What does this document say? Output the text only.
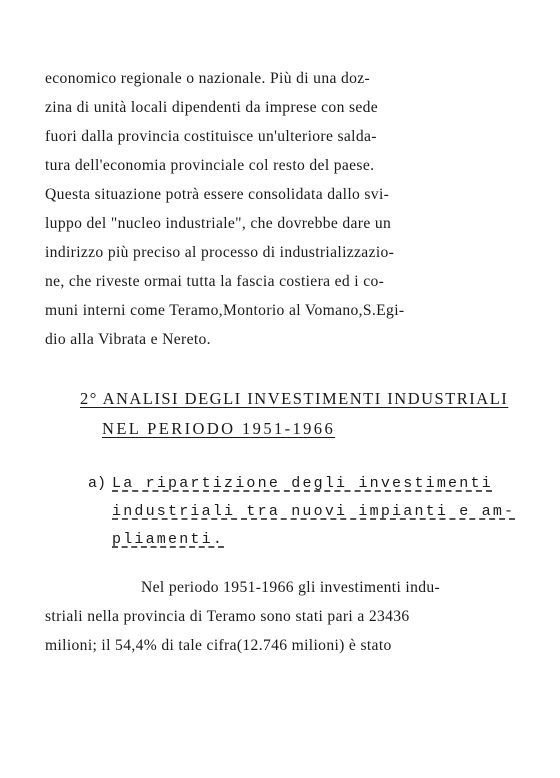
economico regionale o nazionale. Più di una doz-
zina di unità locali dipendenti da imprese con sede
fuori dalla provincia costituisce un'ulteriore salda-
tura dell'economia provinciale col resto del paese.
Questa situazione potrà essere consolidata dallo svi-
luppo del "nucleo industriale", che dovrebbe dare un
indirizzo più preciso al processo di industrializzazio-
ne, che riveste ormai tutta la fascia costiera ed i co-
muni interni come Teramo,Montorio al Vomano,S.Egi-
dio alla Vibrata e Nereto.
2° ANALISI DEGLI INVESTIMENTI INDUSTRIALI
NEL PERIODO 1951-1966
a) La ripartizione degli investimenti
industriali tra nuovi impianti e am-
pliamenti.
Nel periodo 1951-1966 gli investimenti indu-
striali nella provincia di Teramo sono stati pari a 23436
milioni; il 54,4% di tale cifra(12.746 milioni) è stato
